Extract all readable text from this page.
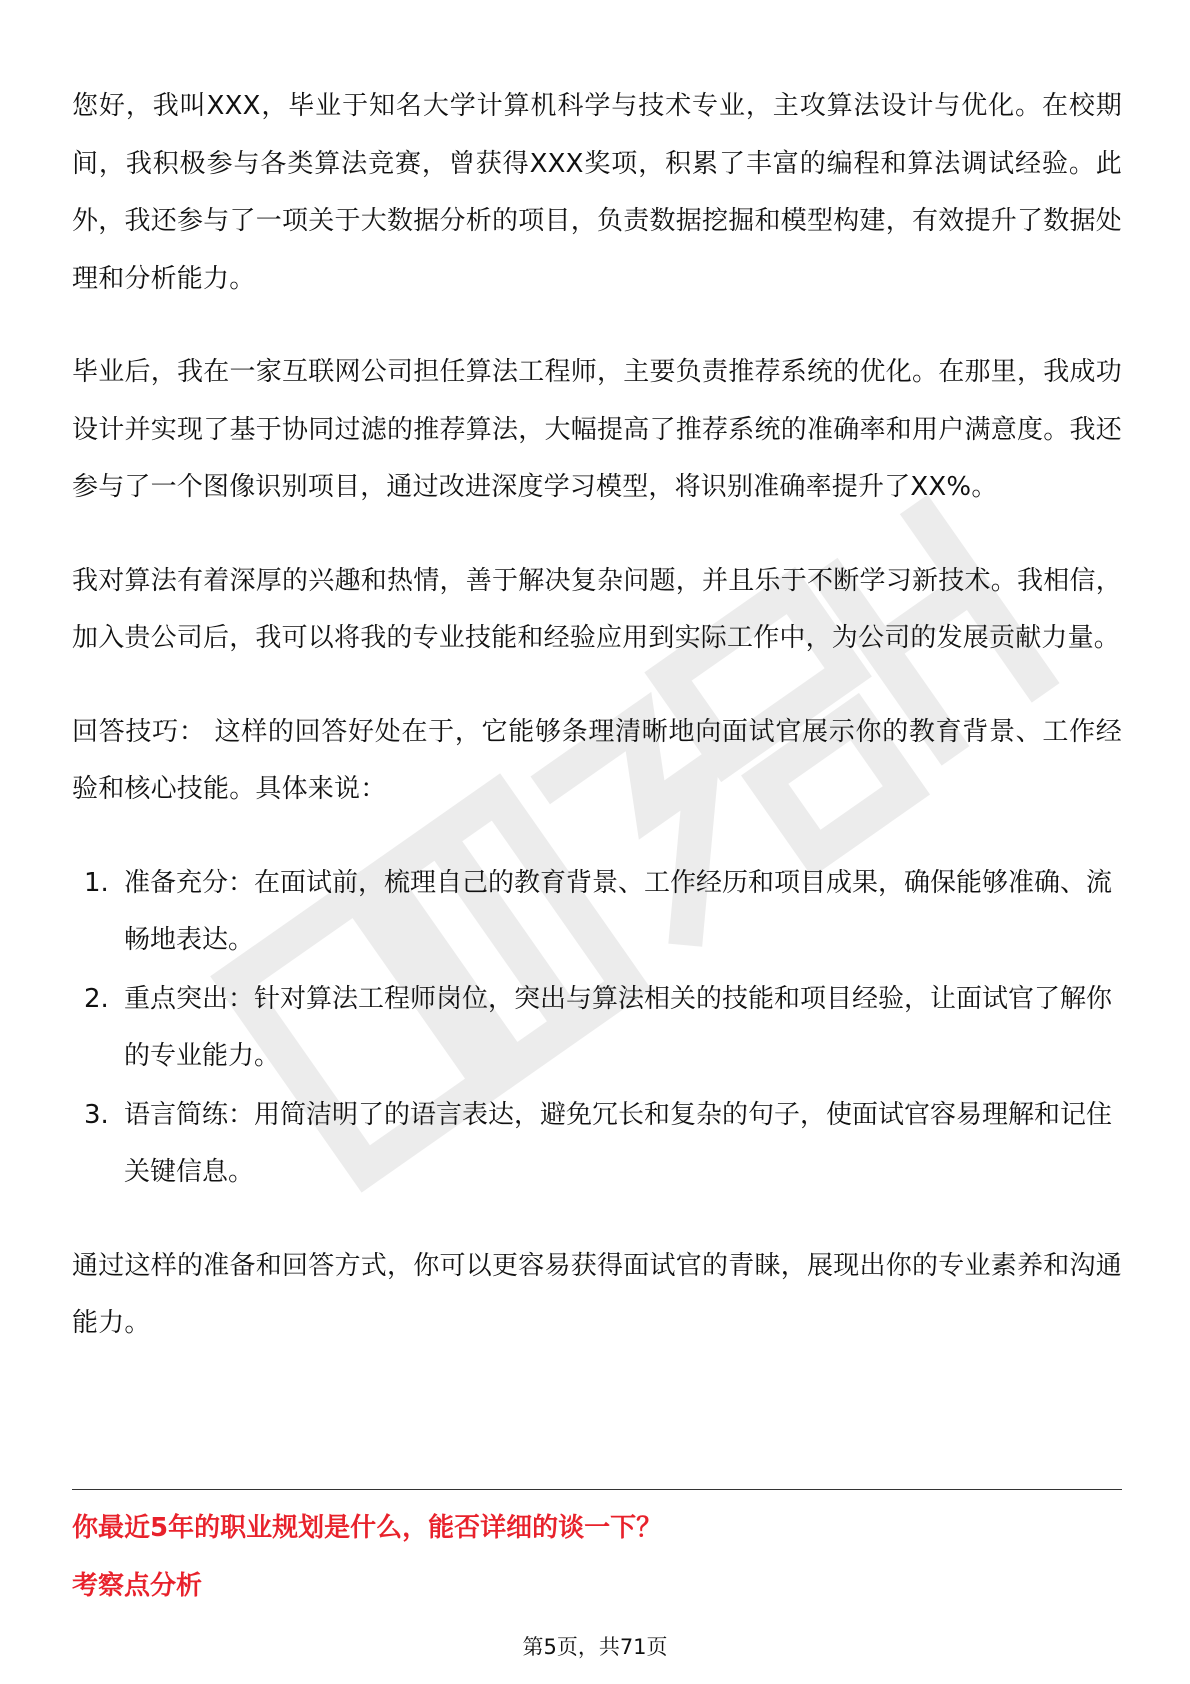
您好，我叫XXX，毕业于知名大学计算机科学与技术专业，主攻算法设计与优化。在校期间，我积极参与各类算法竞赛，曾获得XXX奖项，积累了丰富的编程和算法调试经验。此外，我还参与了一项关于大数据分析的项目，负责数据挖掘和模型构建，有效提升了数据处理和分析能力。

毕业后，我在一家互联网公司担任算法工程师，主要负责推荐系统的优化。在那里，我成功设计并实现了基于协同过滤的推荐算法，大幅提高了推荐系统的准确率和用户满意度。我还参与了一个图像识别项目，通过改进深度学习模型，将识别准确率提升了XX%。

我对算法有着深厚的兴趣和热情，善于解决复杂问题，并且乐于不断学习新技术。我相信，加入贵公司后，我可以将我的专业技能和经验应用到实际工作中，为公司的发展贡献力量。

回答技巧： 这样的回答好处在于，它能够条理清晰地向面试官展示你的教育背景、工作经验和核心技能。具体来说：

1. 准备充分：在面试前，梳理自己的教育背景、工作经历和项目成果，确保能够准确、流畅地表达。
2. 重点突出：针对算法工程师岗位，突出与算法相关的技能和项目经验，让面试官了解你的专业能力。
3. 语言简练：用简洁明了的语言表达，避免冗长和复杂的句子，使面试官容易理解和记住关键信息。

通过这样的准备和回答方式，你可以更容易获得面试官的青睐，展现出你的专业素养和沟通能力。

你最近5年的职业规划是什么，能否详细的谈一下？
考察点分析
第5页，共71页
